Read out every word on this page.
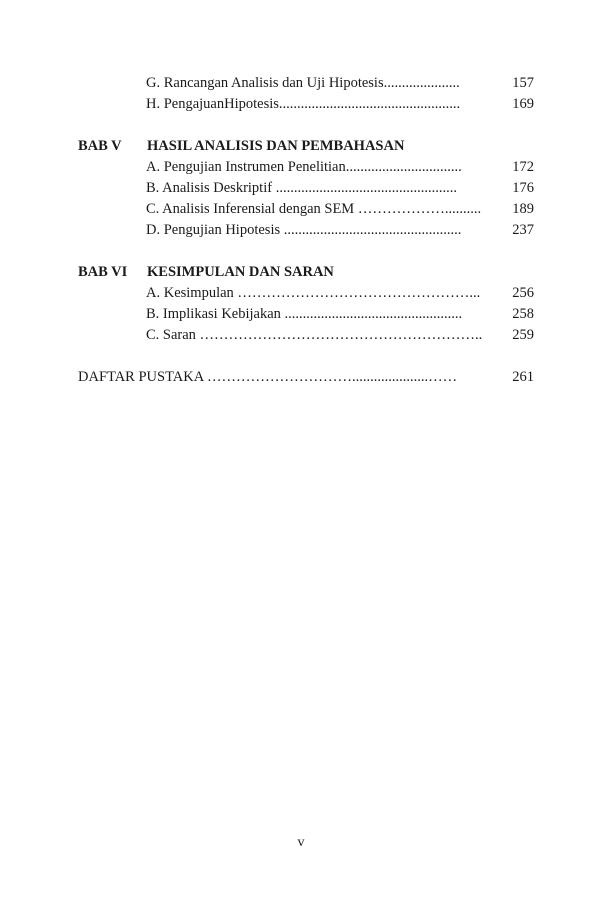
G. Rancangan Analisis dan Uji Hipotesis.....................	157
H. PengajuanHipotesis..................................................	169
BAB V HASIL ANALISIS DAN PEMBAHASAN
A. Pengujian Instrumen Penelitian................................	172
B. Analisis Deskriptif ..................................................	176
C. Analisis Inferensial dengan SEM ………………..........	189
D. Pengujian Hipotesis .................................................	237
BAB VI KESIMPULAN DAN SARAN
A. Kesimpulan …………………………………………...	256
B. Implikasi Kebijakan .................................................	258
C. Saran …………………………………………………..	259
DAFTAR PUSTAKA ………………………….....................……	261
v
